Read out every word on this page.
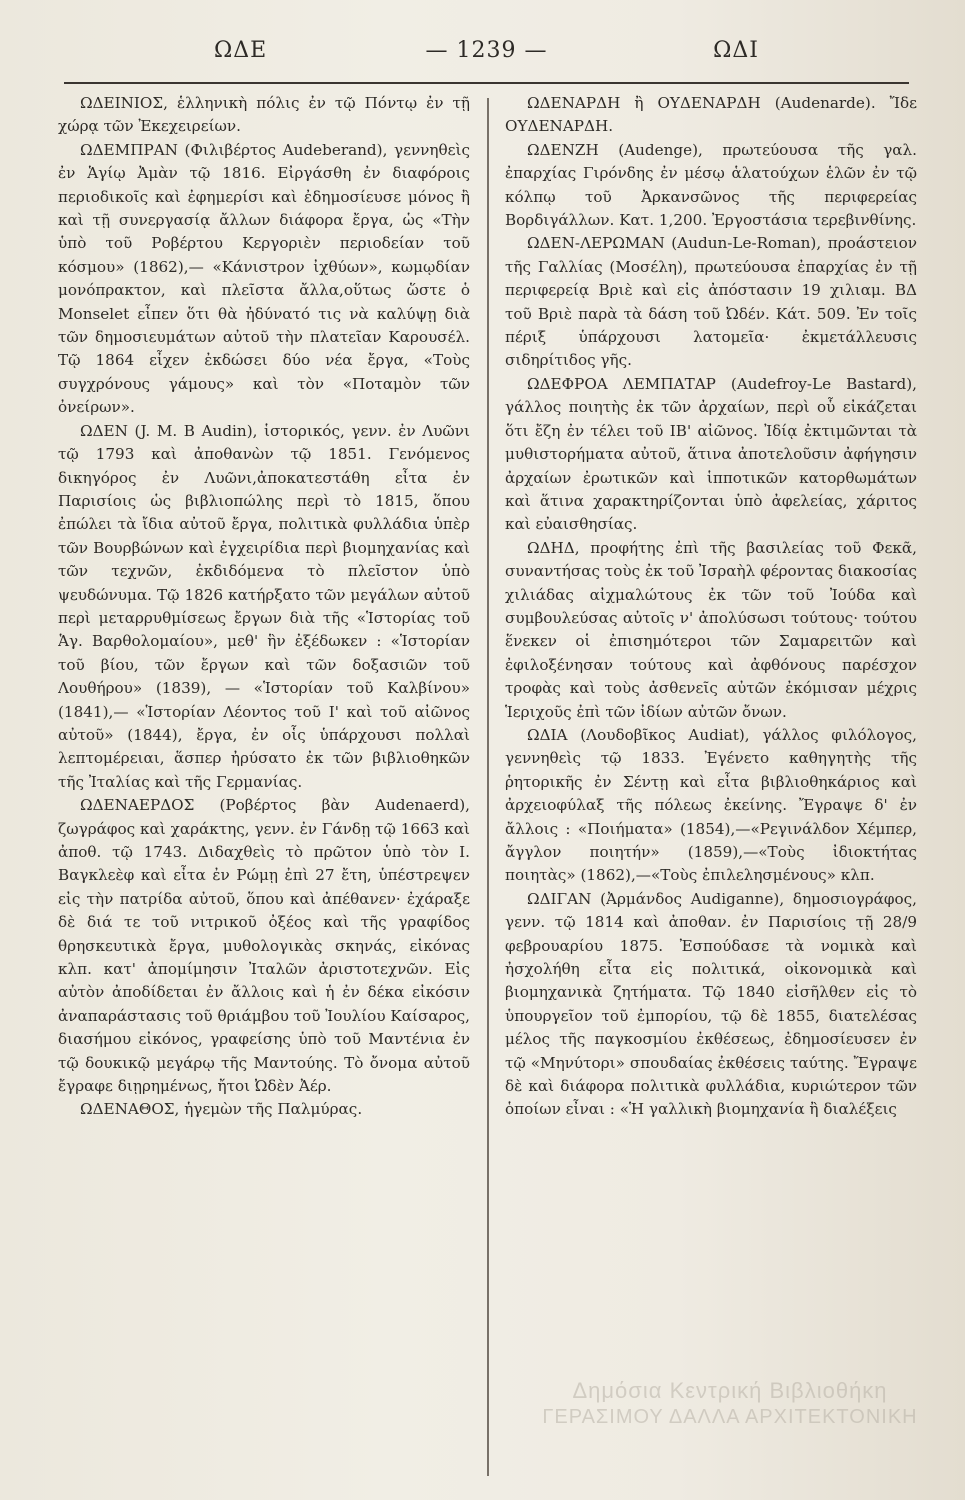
ΩΔΕ	— 1239 —	ΩΔΙ

ΩΔΕΙΝΙΟΣ, ἑλληνικὴ πόλις ἐν τῷ Πόντῳ ἐν τῇ χώρᾳ τῶν Ἐκεχειρείων.

ΩΔΕΜΠΡΑΝ (Φιλιβέρτος Audeberand), γεννηθεὶς ἐν Ἁγίῳ Ἀμὰν τῷ 1816. Εἰργάσθη ἐν διαφόροις περιοδικοῖς καὶ ἐφημερίσι καὶ ἐδημοσίευσε μόνος ἢ καὶ τῇ συνεργασίᾳ ἄλλων διάφορα ἔργα, ὡς «Τὴν ὑπὸ τοῦ Ροβέρτου Κεργοριὲν περιοδείαν τοῦ κόσμου» (1862),— «Κάνιστρον ἰχθύων», κωμῳδίαν μονόπρακτον, καὶ πλεῖστα ἄλλα,οὕτως ὥστε ὁ Monselet εἶπεν ὅτι θὰ ἠδύνατό τις νὰ καλύψῃ διὰ τῶν δημοσιευμάτων αὐτοῦ τὴν πλατεῖαν Καρουσέλ. Τῷ 1864 εἶχεν ἐκδώσει δύο νέα ἔργα, «Τοὺς συγχρόνους γάμους» καὶ τὸν «Ποταμὸν τῶν ὀνείρων».

ΩΔΕΝ (J. M. B Audin), ἱστορικός, γενν. ἐν Λυῶνι τῷ 1793 καὶ ἀποθανὼν τῷ 1851. Γενόμενος δικηγόρος ἐν Λυῶνι,ἀποκατεστάθη εἶτα ἐν Παρισίοις ὡς βιβλιοπώλης περὶ τὸ 1815, ὅπου ἐπώλει τὰ ἴδια αὐτοῦ ἔργα, πολιτικὰ φυλλάδια ὑπὲρ τῶν Βουρβώνων καὶ ἐγχειρίδια περὶ βιομηχανίας καὶ τῶν τεχνῶν, ἐκδιδόμενα τὸ πλεῖστον ὑπὸ ψευδώνυμα. Τῷ 1826 κατήρξατο τῶν μεγάλων αὐτοῦ περὶ μεταρρυθμίσεως ἔργων διὰ τῆς «Ἱστορίας τοῦ Ἁγ. Βαρθολομαίου», μεθ' ἣν ἐξέδωκεν : «Ἱστορίαν τοῦ βίου, τῶν ἔργων καὶ τῶν δοξασιῶν τοῦ Λουθήρου» (1839), — «Ἱστορίαν τοῦ Καλβίνου» (1841),— «Ἱστορίαν Λέοντος τοῦ Ι' καὶ τοῦ αἰῶνος αὐτοῦ» (1844), ἔργα, ἐν οἷς ὑπάρχουσι πολλαὶ λεπτομέρειαι, ἅσπερ ἠρύσατο ἐκ τῶν βιβλιοθηκῶν τῆς Ἰταλίας καὶ τῆς Γερμανίας.

ΩΔΕΝΑΕΡΔΟΣ (Ροβέρτος βὰν Audenaerd), ζωγράφος καὶ χαράκτης, γενν. ἐν Γάνδῃ τῷ 1663 καὶ ἀποθ. τῷ 1743. Διδαχθεὶς τὸ πρῶτον ὑπὸ τὸν Ι. Βαγκλεὲφ καὶ εἶτα ἐν Ρώμῃ ἐπὶ 27 ἔτη, ὑπέστρεψεν εἰς τὴν πατρίδα αὐτοῦ, ὅπου καὶ ἀπέθανεν· ἐχάραξε δὲ διά τε τοῦ νιτρικοῦ ὀξέος καὶ τῆς γραφίδος θρησκευτικὰ ἔργα, μυθολογικὰς σκηνάς, εἰκόνας κλπ. κατ' ἀπομίμησιν Ἰταλῶν ἀριστοτεχνῶν. Εἰς αὐτὸν ἀποδίδεται ἐν ἄλλοις καὶ ἡ ἐν δέκα εἰκόσιν ἀναπαράστασις τοῦ θριάμβου τοῦ Ἰουλίου Καίσαρος, διασήμου εἰκόνος, γραφείσης ὑπὸ τοῦ Μαντένια ἐν τῷ δουκικῷ μεγάρῳ τῆς Μαντούης. Τὸ ὄνομα αὐτοῦ ἔγραφε διῃρημένως, ἤτοι Ὠδὲν Ἀέρ.

ΩΔΕΝΑΘΟΣ, ἡγεμὼν τῆς Παλμύρας.

ΩΔΕΝΑΡΔΗ ἢ ΟΥΔΕΝΑΡΔΗ (Audenarde). Ἴδε ΟΥΔΕΝΑΡΔΗ.

ΩΔΕΝΖΗ (Audenge), πρωτεύουσα τῆς γαλ. ἐπαρχίας Γιρόνδης ἐν μέσῳ ἁλατούχων ἑλῶν ἐν τῷ κόλπῳ τοῦ Ἀρκανσῶνος τῆς περιφερείας Βορδιγάλλων. Κατ. 1,200. Ἐργοστάσια τερεβινθίνης.

ΩΔΕΝ-ΛΕΡΩΜΑΝ (Audun-Le-Roman), προάστειον τῆς Γαλλίας (Μοσέλη), πρωτεύουσα ἐπαρχίας ἐν τῇ περιφερείᾳ Βριὲ καὶ εἰς ἀπόστασιν 19 χιλιαμ. ΒΔ τοῦ Βριὲ παρὰ τὰ δάση τοῦ Ὠδέν. Κάτ. 509. Ἐν τοῖς πέριξ ὑπάρχουσι λατομεῖα· ἐκμετάλλευσις σιδηρίτιδος γῆς.

ΩΔΕΦΡΟΑ ΛΕΜΠΑΤΑΡ (Audefroy-Le Bastard), γάλλος ποιητὴς ἐκ τῶν ἀρχαίων, περὶ οὗ εἰκάζεται ὅτι ἔζη ἐν τέλει τοῦ ΙΒ' αἰῶνος. Ἰδίᾳ ἐκτιμῶνται τὰ μυθιστορήματα αὐτοῦ, ἅτινα ἀποτελοῦσιν ἀφήγησιν ἀρχαίων ἐρωτικῶν καὶ ἱπποτικῶν κατορθωμάτων καὶ ἅτινα χαρακτηρίζονται ὑπὸ ἀφελείας, χάριτος καὶ εὐαισθησίας.

ΩΔΗΔ, προφήτης ἐπὶ τῆς βασιλείας τοῦ Φεκᾶ, συναντήσας τοὺς ἐκ τοῦ Ἰσραὴλ φέροντας διακοσίας χιλιάδας αἰχμαλώτους ἐκ τῶν τοῦ Ἰούδα καὶ συμβουλεύσας αὐτοῖς ν' ἀπολύσωσι τούτους· τούτου ἕνεκεν οἱ ἐπισημότεροι τῶν Σαμαρειτῶν καὶ ἐφιλοξένησαν τούτους καὶ ἀφθόνους παρέσχον τροφὰς καὶ τοὺς ἀσθενεῖς αὐτῶν ἐκόμισαν μέχρις Ἱεριχοῦς ἐπὶ τῶν ἰδίων αὐτῶν ὄνων.

ΩΔΙΑ (Λουδοβῖκος Audiat), γάλλος φιλόλογος, γεννηθεὶς τῷ 1833. Ἐγένετο καθηγητὴς τῆς ῥητορικῆς ἐν Σέντῃ καὶ εἶτα βιβλιοθηκάριος καὶ ἀρχειοφύλαξ τῆς πόλεως ἐκείνης. Ἔγραψε δ' ἐν ἄλλοις : «Ποιήματα» (1854),—«Ρεγινάλδον Χέμπερ, ἄγγλον ποιητήν» (1859),—«Τοὺς ἰδιοκτήτας ποιητὰς» (1862),—«Τοὺς ἐπιλελησμένους» κλπ.

ΩΔΙΓΑΝ (Ἀρμάνδος Audiganne), δημοσιογράφος, γενν. τῷ 1814 καὶ ἀποθαν. ἐν Παρισίοις τῇ 28/9 φεβρουαρίου 1875. Ἐσπούδασε τὰ νομικὰ καὶ ἠσχολήθη εἶτα εἰς πολιτικά, οἰκονομικὰ καὶ βιομηχανικὰ ζητήματα. Τῷ 1840 εἰσῆλθεν εἰς τὸ ὑπουργεῖον τοῦ ἐμπορίου, τῷ δὲ 1855, διατελέσας μέλος τῆς παγκοσμίου ἐκθέσεως, ἐδημοσίευσεν ἐν τῷ «Μηνύτορι» σπουδαίας ἐκθέσεις ταύτης. Ἔγραψε δὲ καὶ διάφορα πολιτικὰ φυλλάδια, κυριώτερον τῶν ὁποίων εἶναι : «Ἡ γαλλικὴ βιομηχανία ἢ διαλέξεις

Δημόσια Κεντρική Βιβλιοθήκη
ΓΕΡΑΣΙΜΟΥ ΔΑΛΛΑ ΑΡΧΙΤΕΚΤΟΝΙΚΗ
